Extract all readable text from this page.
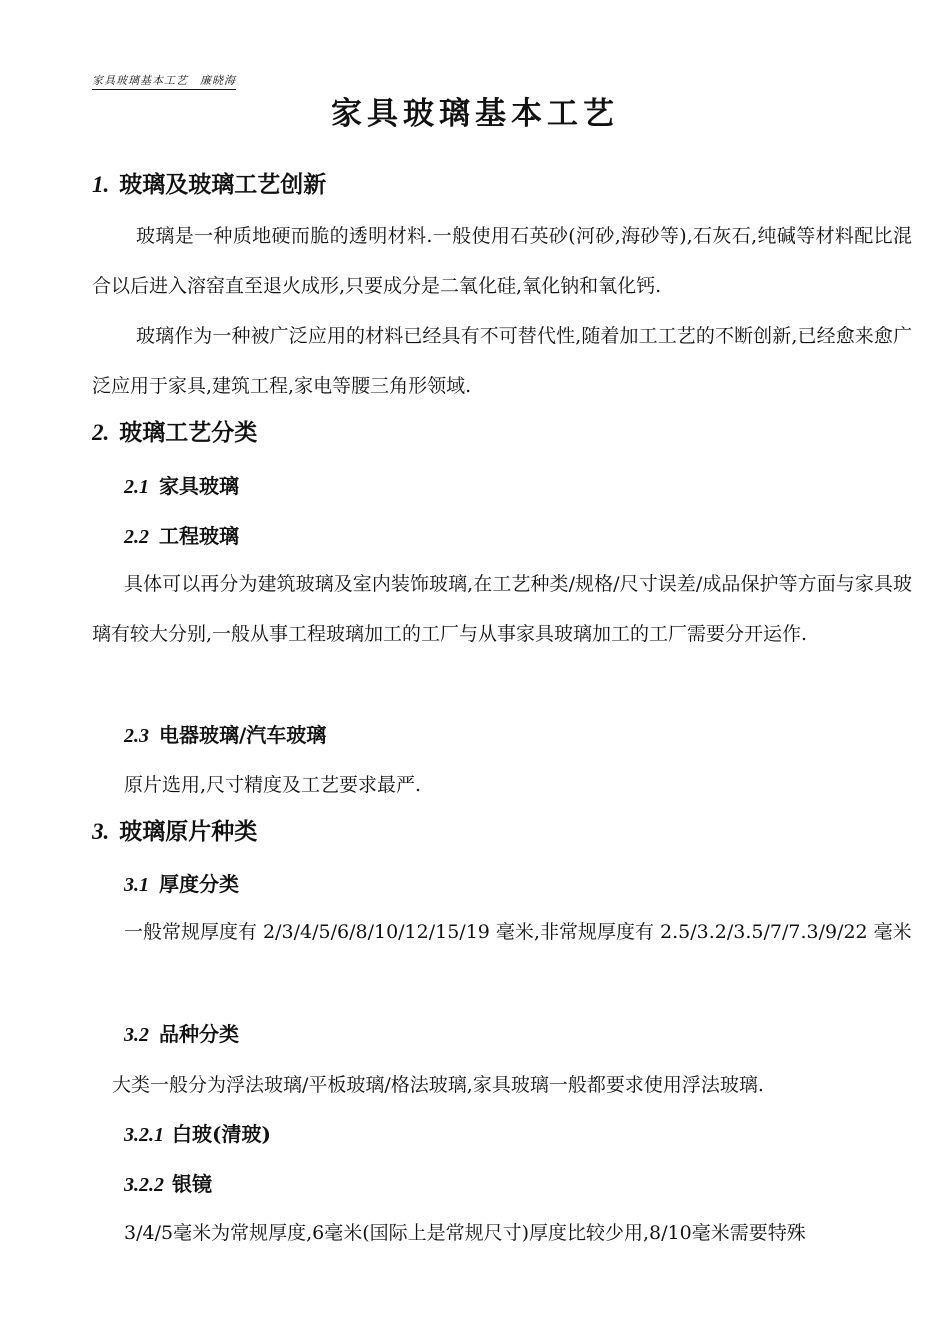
家具玻璃基本工艺　廉晓海
家具玻璃基本工艺
1. 玻璃及玻璃工艺创新

玻璃是一种质地硬而脆的透明材料.一般使用石英砂(河砂,海砂等),石灰石,纯碱等材料配比混合以后进入溶窑直至退火成形,只要成分是二氧化硅,氧化钠和氧化钙.

玻璃作为一种被广泛应用的材料已经具有不可替代性,随着加工工艺的不断创新,已经愈来愈广泛应用于家具,建筑工程,家电等腰三角形领域.

2. 玻璃工艺分类
2.1 家具玻璃
2.2 工程玻璃

具体可以再分为建筑玻璃及室内装饰玻璃,在工艺种类/规格/尺寸误差/成品保护等方面与家具玻璃有较大分别,一般从事工程玻璃加工的工厂与从事家具玻璃加工的工厂需要分开运作.

2.3 电器玻璃/汽车玻璃

原片选用,尺寸精度及工艺要求最严.

3. 玻璃原片种类
3.1 厚度分类

一般常规厚度有 2/3/4/5/6/8/10/12/15/19 毫米,非常规厚度有 2.5/3.2/3.5/7/7.3/9/22 毫米

3.2 品种分类

大类一般分为浮法玻璃/平板玻璃/格法玻璃,家具玻璃一般都要求使用浮法玻璃.

3.2.1 白玻(清玻)
3.2.2 银镜

3/4/5毫米为常规厚度,6毫米(国际上是常规尺寸)厚度比较少用,8/10毫米需要特殊
